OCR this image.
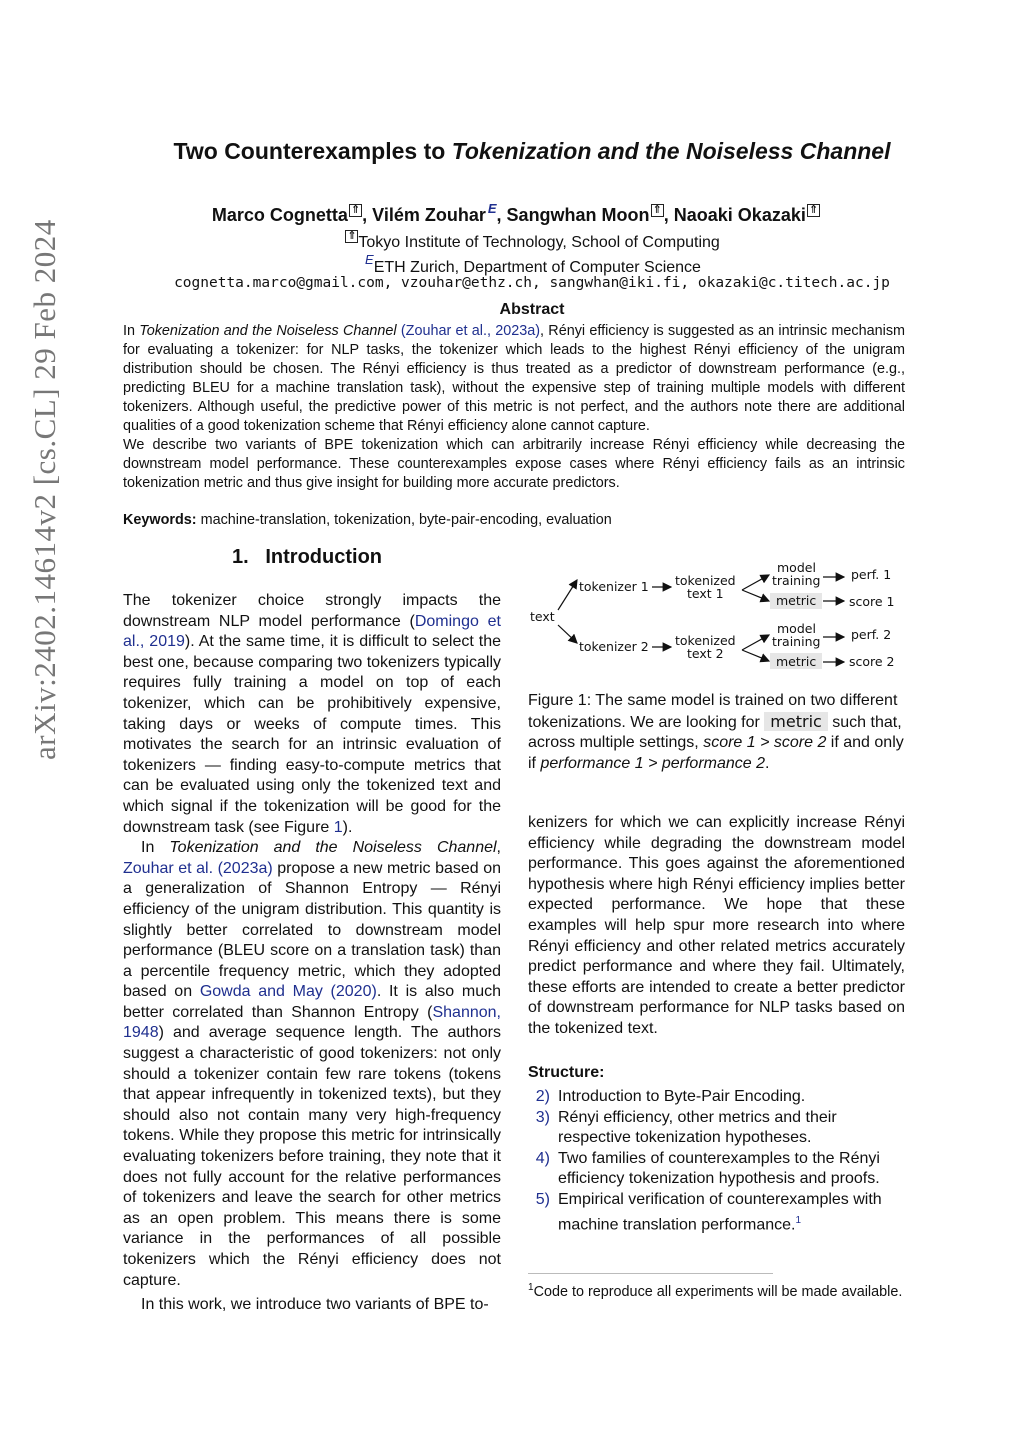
arXiv:2402.14614v2 [cs.CL] 29 Feb 2024
Two Counterexamples to Tokenization and the Noiseless Channel
Marco Cognetta ⇑ , Vilém Zouhar $^E$, Sangwhan Moon ⇑ , Naoaki Okazaki ⇑
⇑ Tokyo Institute of Technology, School of Computing
$^E$ETH Zurich, Department of Computer Science
cognetta.marco@gmail.com, vzouhar@ethz.ch, sangwhan@iki.fi, okazaki@c.titech.ac.jp
Abstract

In Tokenization and the Noiseless Channel (Zouhar et al., 2023a), Rényi efficiency is suggested as an intrinsic mechanism for evaluating a tokenizer: for NLP tasks, the tokenizer which leads to the highest Rényi efficiency of the unigram distribution should be chosen. The Rényi efficiency is thus treated as a predictor of downstream performance (e.g., predicting BLEU for a machine translation task), without the expensive step of training multiple models with different tokenizers. Although useful, the predictive power of this metric is not perfect, and the authors note there are additional qualities of a good tokenization scheme that Rényi efficiency alone cannot capture.

We describe two variants of BPE tokenization which can arbitrarily increase Rényi efficiency while decreasing the downstream model performance. These counterexamples expose cases where Rényi efficiency fails as an intrinsic tokenization metric and thus give insight for building more accurate predictors.

Keywords: machine-translation, tokenization, byte-pair-encoding, evaluation
1. Introduction

The tokenizer choice strongly impacts the downstream NLP model performance (Domingo et al., 2019). At the same time, it is difficult to select the best one, because comparing two tokenizers typically requires fully training a model on top of each tokenizer, which can be prohibitively expensive, taking days or weeks of compute times. This motivates the search for an intrinsic evaluation of tokenizers — finding easy-to-compute metrics that can be evaluated using only the tokenized text and which signal if the tokenization will be good for the downstream task (see Figure 1).

In Tokenization and the Noiseless Channel, Zouhar et al. (2023a) propose a new metric based on a generalization of Shannon Entropy — Rényi efficiency of the unigram distribution. This quantity is slightly better correlated to downstream model performance (BLEU score on a translation task) than a percentile frequency metric, which they adopted based on Gowda and May (2020). It is also much better correlated than Shannon Entropy (Shannon, 1948) and average sequence length. The authors suggest a characteristic of good tokenizers: not only should a tokenizer contain few rare tokens (tokens that appear infrequently in tokenized texts), but they should also not contain many very high-frequency tokens. While they propose this metric for intrinsically evaluating tokenizers before training, they note that it does not fully account for the relative performances of tokenizers and leave the search for other metrics as an open problem. This means there is some variance in the performances of all possible tokenizers which the Rényi efficiency does not capture.

In this work, we introduce two variants of BPE to-

text
tokenizer 1
tokenizer 2
tokenized
text 1
tokenized
text 2
model
training
metric
model
training
metric
perf. 1
score 1
perf. 2
score 2
Figure 1: The same model is trained on two different tokenizations. We are looking for metric such that, across multiple settings, score 1 > score 2 if and only if performance 1 > performance 2.
kenizers for which we can explicitly increase Rényi efficiency while degrading the downstream model performance. This goes against the aforementioned hypothesis where high Rényi efficiency implies better expected performance. We hope that these examples will help spur more research into where Rényi efficiency and other related metrics accurately predict performance and where they fail. Ultimately, these efforts are intended to create a better predictor of downstream performance for NLP tasks based on the tokenized text.
Structure:
2) Introduction to Byte-Pair Encoding.
3) Rényi efficiency, other metrics and their respective tokenization hypotheses.
4) Two families of counterexamples to the Rényi efficiency tokenization hypothesis and proofs.
5) Empirical verification of counterexamples with machine translation performance.$^1$
$^1$Code to reproduce all experiments will be made available.
